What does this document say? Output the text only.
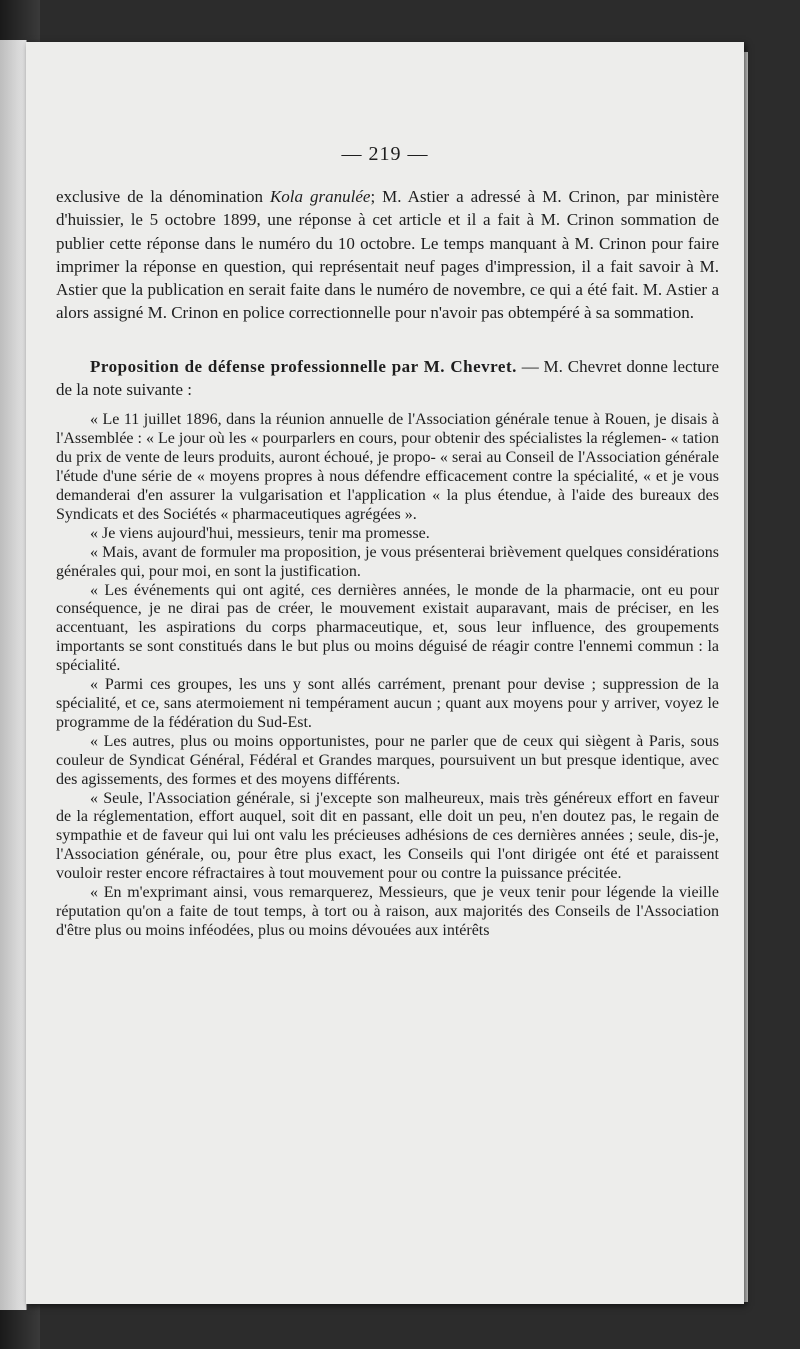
— 219 —

exclusive de la dénomination Kola granulée; M. Astier a adressé à M. Crinon, par ministère d'huissier, le 5 octobre 1899, une réponse à cet article et il a fait à M. Crinon sommation de publier cette réponse dans le numéro du 10 octobre. Le temps manquant à M. Crinon pour faire imprimer la réponse en question, qui représentait neuf pages d'impression, il a fait savoir à M. Astier que la publication en serait faite dans le numéro de novembre, ce qui a été fait. M. Astier a alors assigné M. Crinon en police correctionnelle pour n'avoir pas obtempéré à sa sommation.

Proposition de défense professionnelle par M. Chevret. — M. Chevret donne lecture de la note suivante :

« Le 11 juillet 1896, dans la réunion annuelle de l'Association générale tenue à Rouen, je disais à l'Assemblée : « Le jour où les « pourparlers en cours, pour obtenir des spécialistes la réglemen- « tation du prix de vente de leurs produits, auront échoué, je propo- « serai au Conseil de l'Association générale l'étude d'une série de « moyens propres à nous défendre efficacement contre la spécialité, « et je vous demanderai d'en assurer la vulgarisation et l'application « la plus étendue, à l'aide des bureaux des Syndicats et des Sociétés « pharmaceutiques agrégées ».

« Je viens aujourd'hui, messieurs, tenir ma promesse.

« Mais, avant de formuler ma proposition, je vous présenterai brièvement quelques considérations générales qui, pour moi, en sont la justification.

« Les événements qui ont agité, ces dernières années, le monde de la pharmacie, ont eu pour conséquence, je ne dirai pas de créer, le mouvement existait auparavant, mais de préciser, en les accentuant, les aspirations du corps pharmaceutique, et, sous leur influence, des groupements importants se sont constitués dans le but plus ou moins déguisé de réagir contre l'ennemi commun : la spécialité.

« Parmi ces groupes, les uns y sont allés carrément, prenant pour devise ; suppression de la spécialité, et ce, sans atermoiement ni tempérament aucun ; quant aux moyens pour y arriver, voyez le programme de la fédération du Sud-Est.

« Les autres, plus ou moins opportunistes, pour ne parler que de ceux qui siègent à Paris, sous couleur de Syndicat Général, Fédéral et Grandes marques, poursuivent un but presque identique, avec des agissements, des formes et des moyens différents.

« Seule, l'Association générale, si j'excepte son malheureux, mais très généreux effort en faveur de la réglementation, effort auquel, soit dit en passant, elle doit un peu, n'en doutez pas, le regain de sympathie et de faveur qui lui ont valu les précieuses adhésions de ces dernières années ; seule, dis-je, l'Association générale, ou, pour être plus exact, les Conseils qui l'ont dirigée ont été et paraissent vouloir rester encore réfractaires à tout mouvement pour ou contre la puissance précitée.

« En m'exprimant ainsi, vous remarquerez, Messieurs, que je veux tenir pour légende la vieille réputation qu'on a faite de tout temps, à tort ou à raison, aux majorités des Conseils de l'Association d'être plus ou moins inféodées, plus ou moins dévouées aux intérêts
